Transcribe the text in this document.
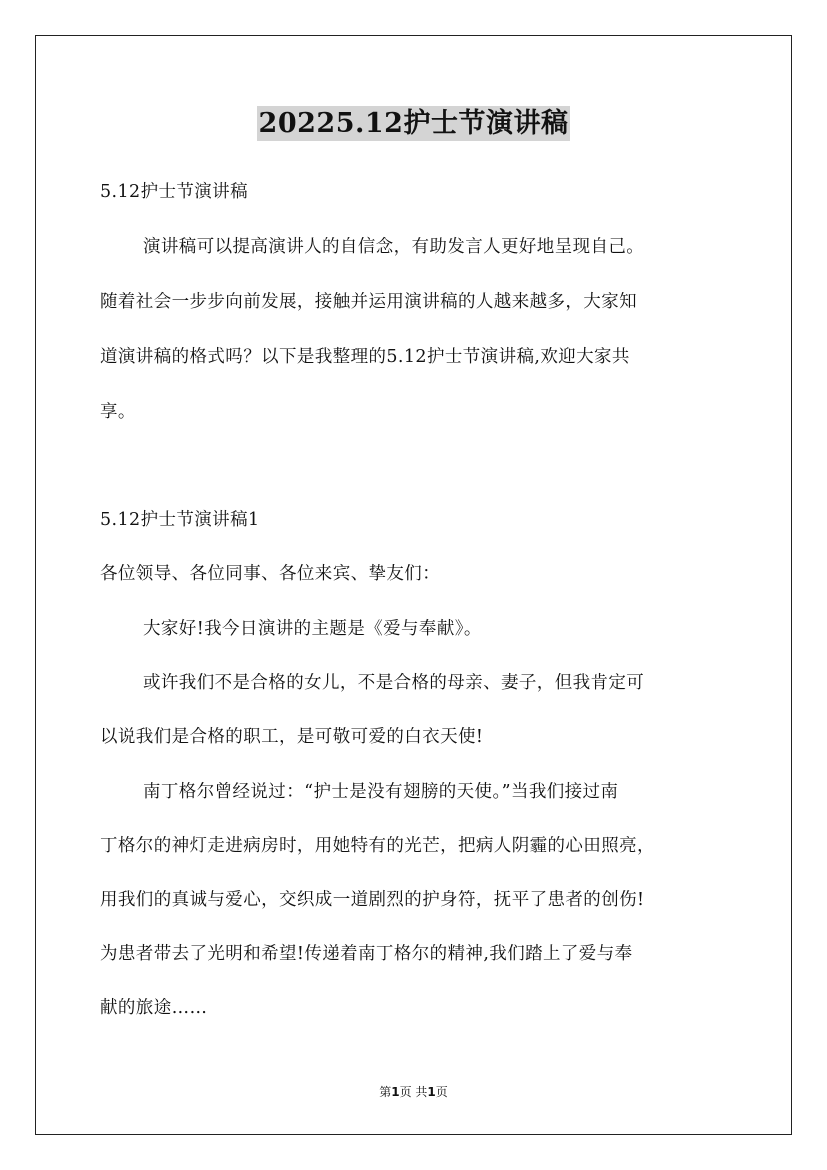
20225.12护士节演讲稿
5.12护士节演讲稿
演讲稿可以提高演讲人的自信念，有助发言人更好地呈现自己。
随着社会一步步向前发展，接触并运用演讲稿的人越来越多，大家知
道演讲稿的格式吗？以下是我整理的5.12护士节演讲稿,欢迎大家共
享。
5.12护士节演讲稿1
各位领导、各位同事、各位来宾、挚友们：
大家好!我今日演讲的主题是《爱与奉献》。
或许我们不是合格的女儿，不是合格的母亲、妻子，但我肯定可
以说我们是合格的职工，是可敬可爱的白衣天使!
南丁格尔曾经说过：“护士是没有翅膀的天使。”当我们接过南
丁格尔的神灯走进病房时，用她特有的光芒，把病人阴霾的心田照亮，
用我们的真诚与爱心，交织成一道剧烈的护身符，抚平了患者的创伤!
为患者带去了光明和希望!传递着南丁格尔的精神,我们踏上了爱与奉
献的旅途……
第1页 共1页
